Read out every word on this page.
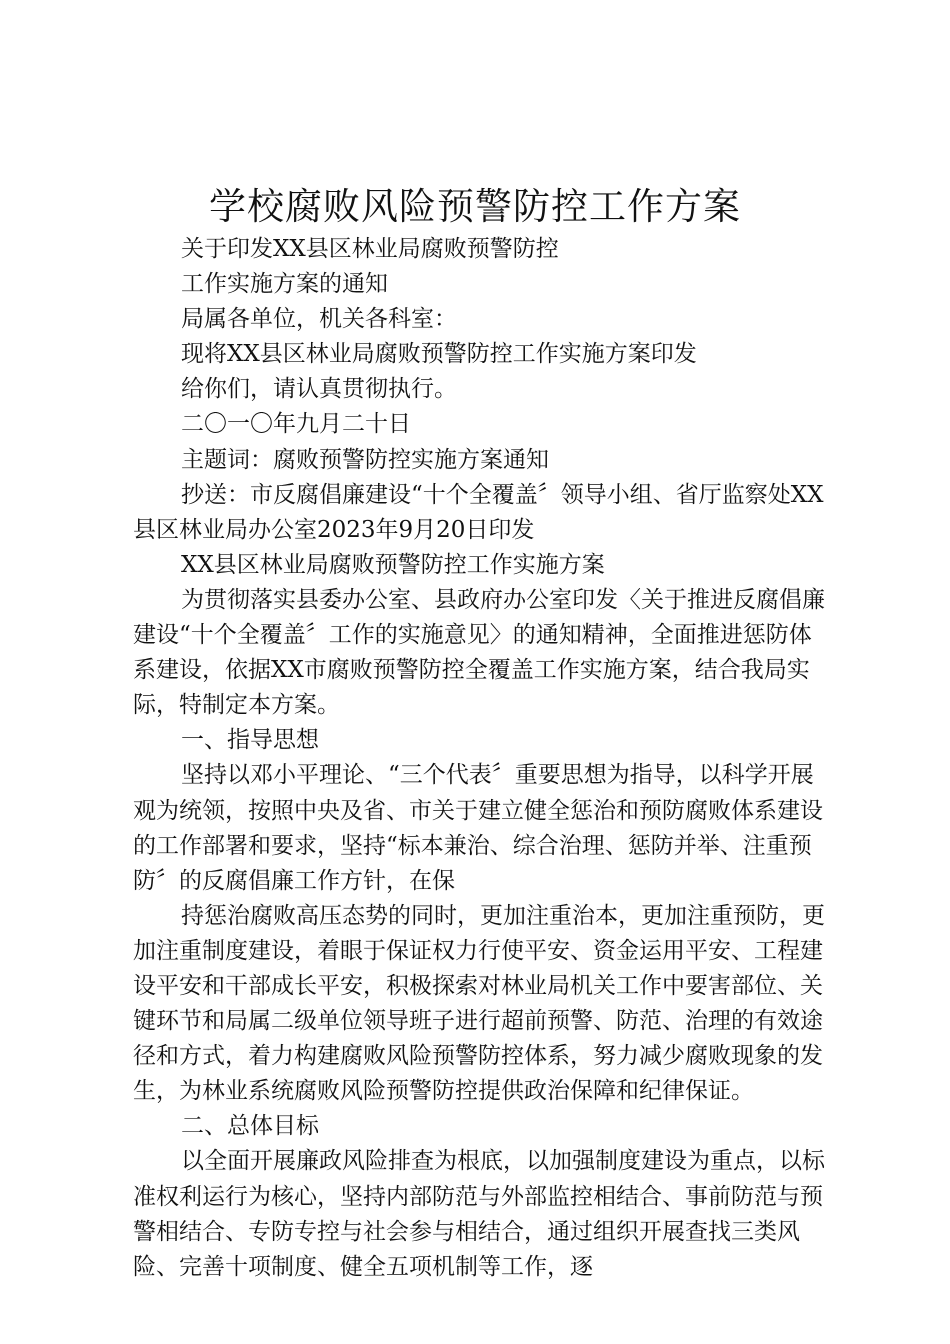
学校腐败风险预警防控工作方案

关于印发XX县区林业局腐败预警防控

工作实施方案的通知

局属各单位，机关各科室：

现将XX县区林业局腐败预警防控工作实施方案印发

给你们，请认真贯彻执行。

二〇一〇年九月二十日

主题词：腐败预警防控实施方案通知

抄送：市反腐倡廉建设“十个全覆盖〞领导小组、省厅监察处XX县区林业局办公室2023年9月20日印发

XX县区林业局腐败预警防控工作实施方案

为贯彻落实县委办公室、县政府办公室印发〈关于推进反腐倡廉建设“十个全覆盖〞工作的实施意见〉的通知精神，全面推进惩防体系建设，依据XX市腐败预警防控全覆盖工作实施方案，结合我局实际，特制定本方案。

一、指导思想

坚持以邓小平理论、“三个代表〞重要思想为指导，以科学开展观为统领，按照中央及省、市关于建立健全惩治和预防腐败体系建设的工作部署和要求，坚持“标本兼治、综合治理、惩防并举、注重预防〞的反腐倡廉工作方针，在保

持惩治腐败高压态势的同时，更加注重治本，更加注重预防，更加注重制度建设，着眼于保证权力行使平安、资金运用平安、工程建设平安和干部成长平安，积极探索对林业局机关工作中要害部位、关键环节和局属二级单位领导班子进行超前预警、防范、治理的有效途径和方式，着力构建腐败风险预警防控体系，努力减少腐败现象的发生，为林业系统腐败风险预警防控提供政治保障和纪律保证。

二、总体目标

以全面开展廉政风险排查为根底，以加强制度建设为重点，以标准权利运行为核心，坚持内部防范与外部监控相结合、事前防范与预警相结合、专防专控与社会参与相结合，通过组织开展查找三类风险、完善十项制度、健全五项机制等工作，逐
